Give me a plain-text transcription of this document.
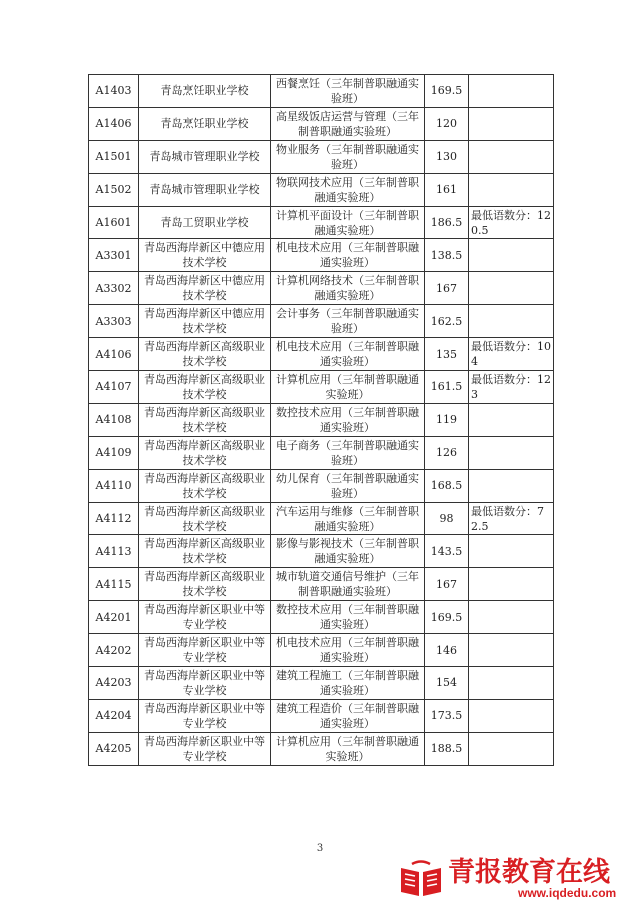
A1403	青岛烹饪职业学校	西餐烹饪（三年制普职融通实验班）	169.5	
A1406	青岛烹饪职业学校	高星级饭店运营与管理（三年制普职融通实验班）	120	
A1501	青岛城市管理职业学校	物业服务（三年制普职融通实验班）	130	
A1502	青岛城市管理职业学校	物联网技术应用（三年制普职融通实验班）	161	
A1601	青岛工贸职业学校	计算机平面设计（三年制普职融通实验班）	186.5	最低语数分：120.5
A3301	青岛西海岸新区中德应用技术学校	机电技术应用（三年制普职融通实验班）	138.5	
A3302	青岛西海岸新区中德应用技术学校	计算机网络技术（三年制普职融通实验班）	167	
A3303	青岛西海岸新区中德应用技术学校	会计事务（三年制普职融通实验班）	162.5	
A4106	青岛西海岸新区高级职业技术学校	机电技术应用（三年制普职融通实验班）	135	最低语数分：104
A4107	青岛西海岸新区高级职业技术学校	计算机应用（三年制普职融通实验班）	161.5	最低语数分：123
A4108	青岛西海岸新区高级职业技术学校	数控技术应用（三年制普职融通实验班）	119	
A4109	青岛西海岸新区高级职业技术学校	电子商务（三年制普职融通实验班）	126	
A4110	青岛西海岸新区高级职业技术学校	幼儿保育（三年制普职融通实验班）	168.5	
A4112	青岛西海岸新区高级职业技术学校	汽车运用与维修（三年制普职融通实验班）	98	最低语数分：72.5
A4113	青岛西海岸新区高级职业技术学校	影像与影视技术（三年制普职融通实验班）	143.5	
A4115	青岛西海岸新区高级职业技术学校	城市轨道交通信号维护（三年制普职融通实验班）	167	
A4201	青岛西海岸新区职业中等专业学校	数控技术应用（三年制普职融通实验班）	169.5	
A4202	青岛西海岸新区职业中等专业学校	机电技术应用（三年制普职融通实验班）	146	
A4203	青岛西海岸新区职业中等专业学校	建筑工程施工（三年制普职融通实验班）	154	
A4204	青岛西海岸新区职业中等专业学校	建筑工程造价（三年制普职融通实验班）	173.5	
A4205	青岛西海岸新区职业中等专业学校	计算机应用（三年制普职融通实验班）	188.5	
3
青报教育在线
www.iqdedu.com
